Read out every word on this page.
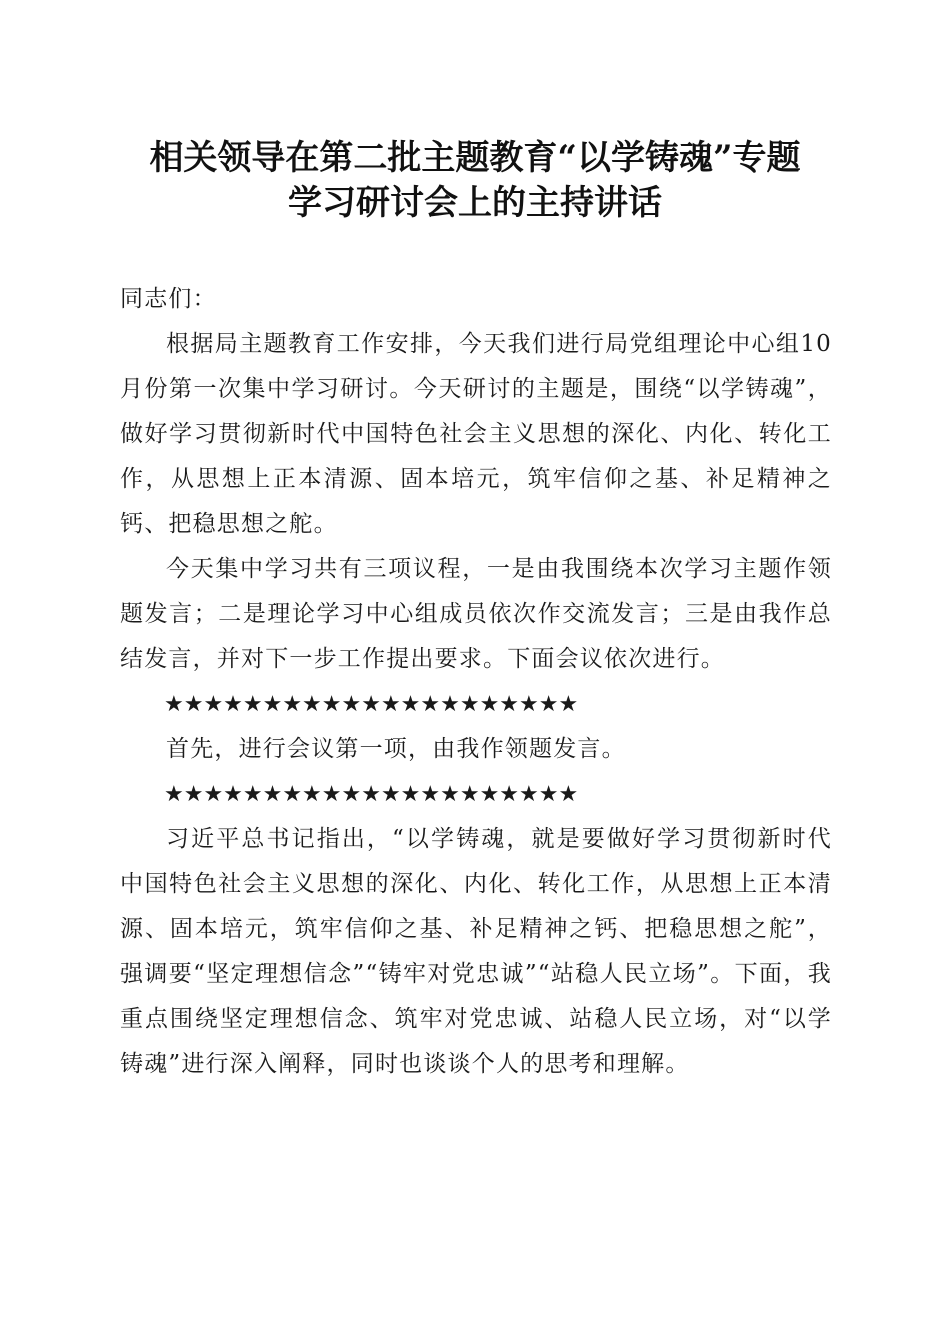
相关领导在第二批主题教育“以学铸魂”专题
学习研讨会上的主持讲话

同志们：

根据局主题教育工作安排，今天我们进行局党组理论中心组10月份第一次集中学习研讨。今天研讨的主题是，围绕“以学铸魂”，做好学习贯彻新时代中国特色社会主义思想的深化、内化、转化工作，从思想上正本清源、固本培元，筑牢信仰之基、补足精神之钙、把稳思想之舵。

今天集中学习共有三项议程，一是由我围绕本次学习主题作领题发言；二是理论学习中心组成员依次作交流发言；三是由我作总结发言，并对下一步工作提出要求。下面会议依次进行。

★★★★★★★★★★★★★★★★★★★★★

首先，进行会议第一项，由我作领题发言。

★★★★★★★★★★★★★★★★★★★★★

习近平总书记指出，“以学铸魂，就是要做好学习贯彻新时代中国特色社会主义思想的深化、内化、转化工作，从思想上正本清源、固本培元，筑牢信仰之基、补足精神之钙、把稳思想之舵”，强调要“坚定理想信念”“铸牢对党忠诚”“站稳人民立场”。下面，我重点围绕坚定理想信念、筑牢对党忠诚、站稳人民立场，对“以学铸魂”进行深入阐释，同时也谈谈个人的思考和理解。
